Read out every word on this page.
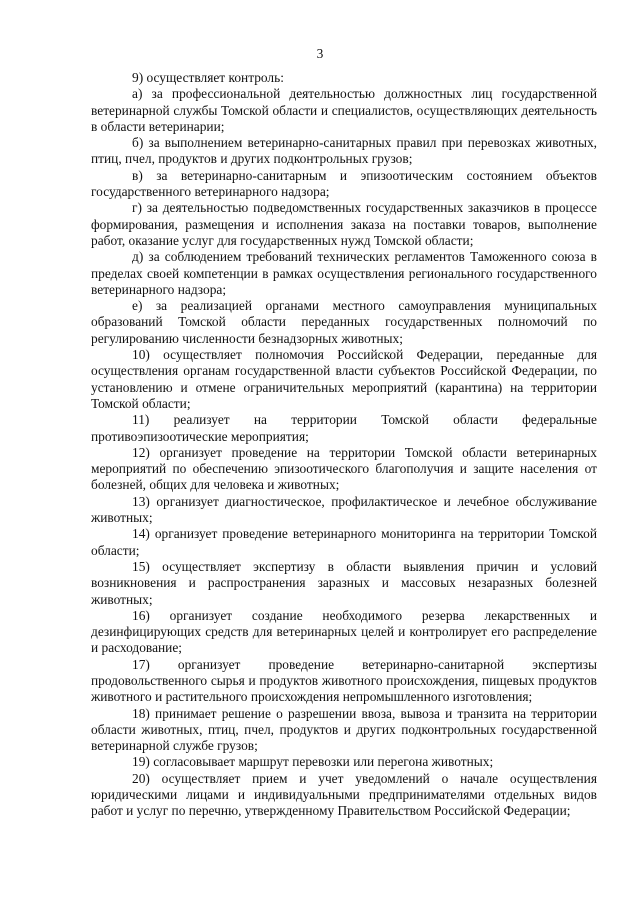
3

9) осуществляет контроль:

а) за профессиональной деятельностью должностных лиц государственной ветеринарной службы Томской области и специалистов, осуществляющих деятельность в области ветеринарии;

б) за выполнением ветеринарно-санитарных правил при перевозках животных, птиц, пчел, продуктов и других подконтрольных грузов;

в) за ветеринарно-санитарным и эпизоотическим состоянием объектов государственного ветеринарного надзора;

г) за деятельностью подведомственных государственных заказчиков в процессе формирования, размещения и исполнения заказа на поставки товаров, выполнение работ, оказание услуг для государственных нужд Томской области;

д) за соблюдением требований технических регламентов Таможенного союза в пределах своей компетенции в рамках осуществления регионального государственного ветеринарного надзора;

е) за реализацией органами местного самоуправления муниципальных образований Томской области переданных государственных полномочий по регулированию численности безнадзорных животных;

10) осуществляет полномочия Российской Федерации, переданные для осуществления органам государственной власти субъектов Российской Федерации, по установлению и отмене ограничительных мероприятий (карантина) на территории Томской области;

11) реализует на территории Томской области федеральные противоэпизоотические мероприятия;

12) организует проведение на территории Томской области ветеринарных мероприятий по обеспечению эпизоотического благополучия и защите населения от болезней, общих для человека и животных;

13) организует диагностическое, профилактическое и лечебное обслуживание животных;

14) организует проведение ветеринарного мониторинга на территории Томской области;

15) осуществляет экспертизу в области выявления причин и условий возникновения и распространения заразных и массовых незаразных болезней животных;

16) организует создание необходимого резерва лекарственных и дезинфицирующих средств для ветеринарных целей и контролирует его распределение и расходование;

17) организует проведение ветеринарно-санитарной экспертизы продовольственного сырья и продуктов животного происхождения, пищевых продуктов животного и растительного происхождения непромышленного изготовления;

18) принимает решение о разрешении ввоза, вывоза и транзита на территории области животных, птиц, пчел, продуктов и других подконтрольных государственной ветеринарной службе грузов;

19) согласовывает маршрут перевозки или перегона животных;

20) осуществляет прием и учет уведомлений о начале осуществления юридическими лицами и индивидуальными предпринимателями отдельных видов работ и услуг по перечню, утвержденному Правительством Российской Федерации;
